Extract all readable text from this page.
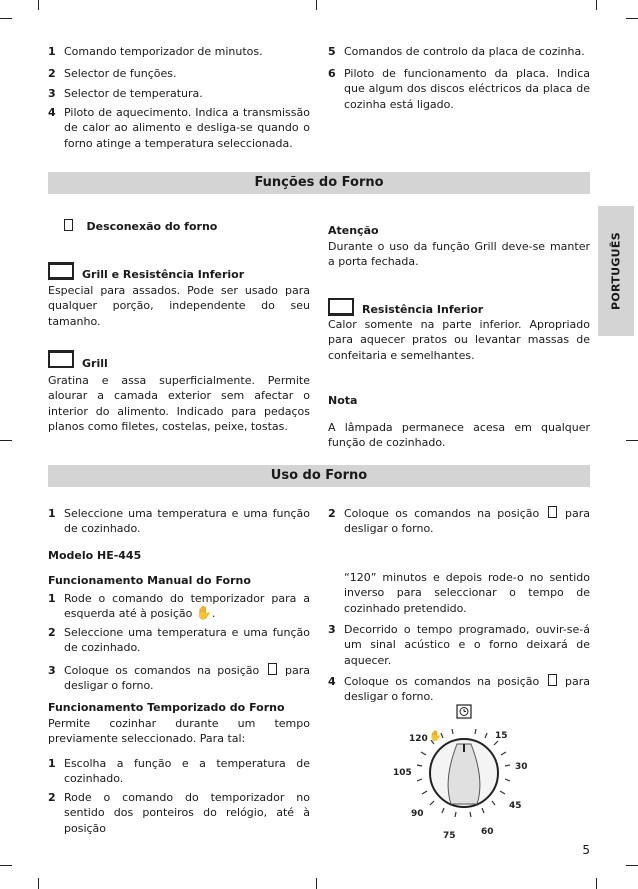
1 Comando temporizador de minutos.
2 Selector de funções.
3 Selector de temperatura.
4 Piloto de aquecimento. Indica a transmissão de calor ao alimento e desliga-se quando o forno atinge a temperatura seleccionada.
5 Comandos de controlo da placa de cozinha.
6 Piloto de funcionamento da placa. Indica que algum dos discos eléctricos da placa de cozinha está ligado.
Funções do Forno
PORTUGUÊS
Desconexão do forno
Grill e Resistência Inferior
Especial para assados. Pode ser usado para qualquer porção, independente do seu tamanho.
Grill
Gratina e assa superficialmente. Permite alourar a camada exterior sem afectar o interior do alimento. Indicado para pedaços planos como filetes, costelas, peixe, tostas.
Atenção
Durante o uso da função Grill deve-se manter a porta fechada.
Resistência Inferior
Calor somente na parte inferior. Apropriado para aquecer pratos ou levantar massas de confeitaria e semelhantes.
Nota
A lâmpada permanece acesa em qualquer função de cozinhado.
Uso do Forno
1 Seleccione uma temperatura e uma função de cozinhado.
Modelo HE-445
Funcionamento Manual do Forno
1 Rode o comando do temporizador para a esquerda até à posição ✋.
2 Seleccione uma temperatura e uma função de cozinhado.
3 Coloque os comandos na posição para desligar o forno.
Funcionamento Temporizado do Forno
Permite cozinhar durante um tempo previamente seleccionado. Para tal:
1 Escolha a função e a temperatura de cozinhado.
2 Rode o comando do temporizador no sentido dos ponteiros do relógio, até à posição
2 Coloque os comandos na posição para desligar o forno.
“120” minutos e depois rode-o no sentido inverso para seleccionar o tempo de cozinhado pretendido.
3 Decorrido o tempo programado, ouvir-se-á um sinal acústico e o forno deixará de aquecer.
4 Coloque os comandos na posição para desligar o forno.
120 ✋	15
30
45
60
75
90
105
5
